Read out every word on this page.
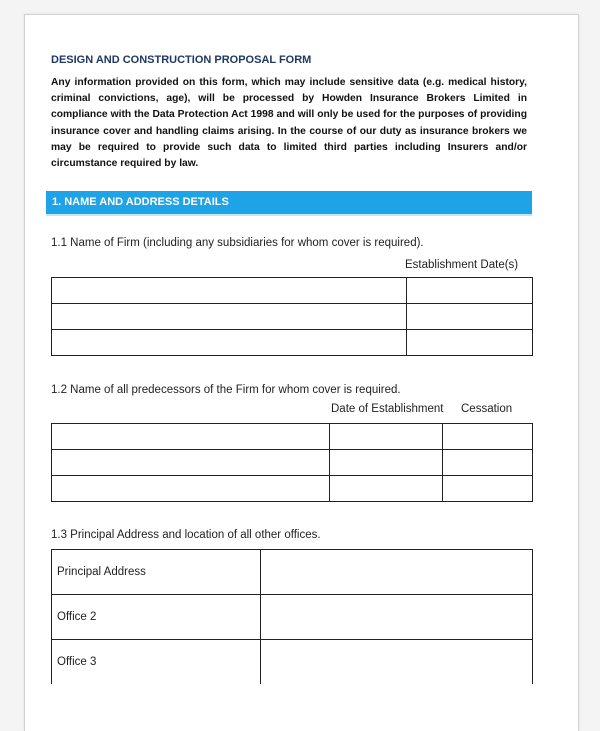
DESIGN AND CONSTRUCTION PROPOSAL FORM
Any information provided on this form, which may include sensitive data (e.g. medical history, criminal convictions, age), will be processed by Howden Insurance Brokers Limited in compliance with the Data Protection Act 1998 and will only be used for the purposes of providing insurance cover and handling claims arising. In the course of our duty as insurance brokers we may be required to provide such data to limited third parties including Insurers and/or circumstance required by law.
1. NAME AND ADDRESS DETAILS
1.1 Name of Firm (including any subsidiaries for whom cover is required).
Establishment Date(s)

1.2 Name of all predecessors of the Firm for whom cover is required.
Date of Establishment Cessation

1.3 Principal Address and location of all other offices.
Principal Address	
Office 2	
Office 3	
